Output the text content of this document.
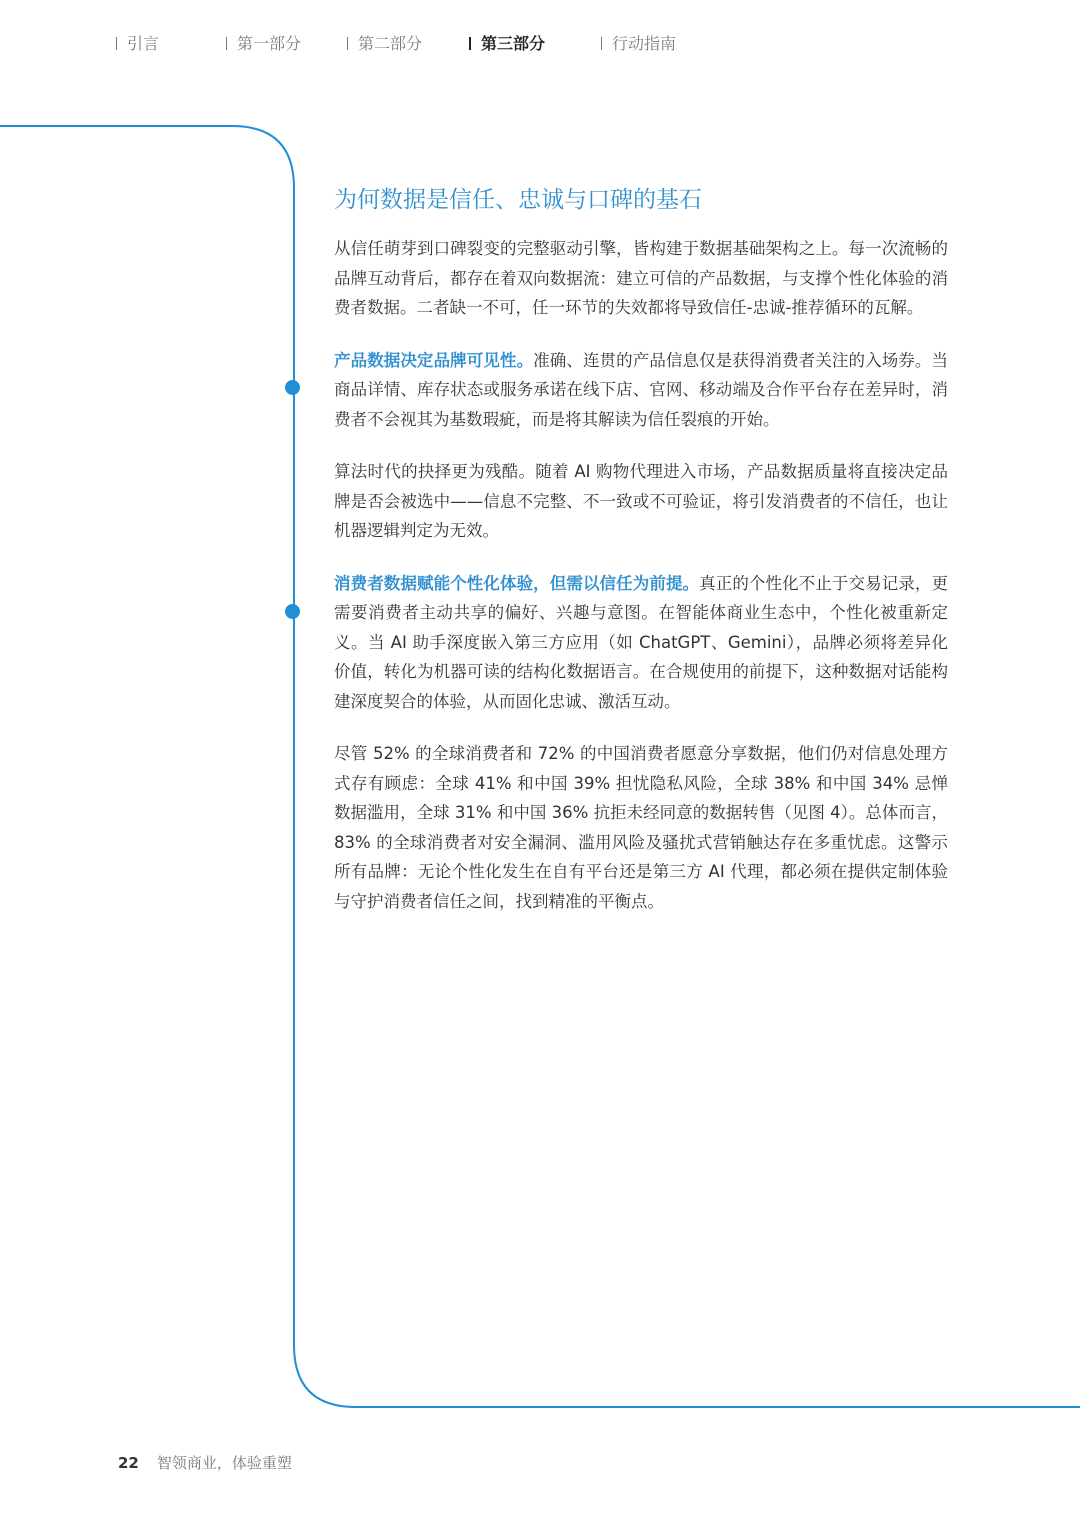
引言	第一部分	第二部分	第三部分	行动指南
为何数据是信任、忠诚与口碑的基石

从信任萌芽到口碑裂变的完整驱动引擎，皆构建于数据基础架构之上。每一次流畅的品牌互动背后，都存在着双向数据流：建立可信的产品数据，与支撑个性化体验的消费者数据。二者缺一不可，任一环节的失效都将导致信任-忠诚-推荐循环的瓦解。

产品数据决定品牌可见性。准确、连贯的产品信息仅是获得消费者关注的入场券。当商品详情、库存状态或服务承诺在线下店、官网、移动端及合作平台存在差异时，消费者不会视其为基数瑕疵，而是将其解读为信任裂痕的开始。

算法时代的抉择更为残酷。随着 AI 购物代理进入市场，产品数据质量将直接决定品牌是否会被选中——信息不完整、不一致或不可验证，将引发消费者的不信任，也让机器逻辑判定为无效。

消费者数据赋能个性化体验，但需以信任为前提。真正的个性化不止于交易记录，更需要消费者主动共享的偏好、兴趣与意图。在智能体商业生态中，个性化被重新定义。当 AI 助手深度嵌入第三方应用（如 ChatGPT、Gemini），品牌必须将差异化价值，转化为机器可读的结构化数据语言。在合规使用的前提下，这种数据对话能构建深度契合的体验，从而固化忠诚、激活互动。

尽管 52% 的全球消费者和 72% 的中国消费者愿意分享数据，他们仍对信息处理方式存有顾虑：全球 41% 和中国 39% 担忧隐私风险，全球 38% 和中国 34% 忌惮数据滥用，全球 31% 和中国 36% 抗拒未经同意的数据转售（见图 4）。总体而言，83% 的全球消费者对安全漏洞、滥用风险及骚扰式营销触达存在多重忧虑。这警示所有品牌：无论个性化发生在自有平台还是第三方 AI 代理，都必须在提供定制体验与守护消费者信任之间，找到精准的平衡点。

22 智领商业，体验重塑
